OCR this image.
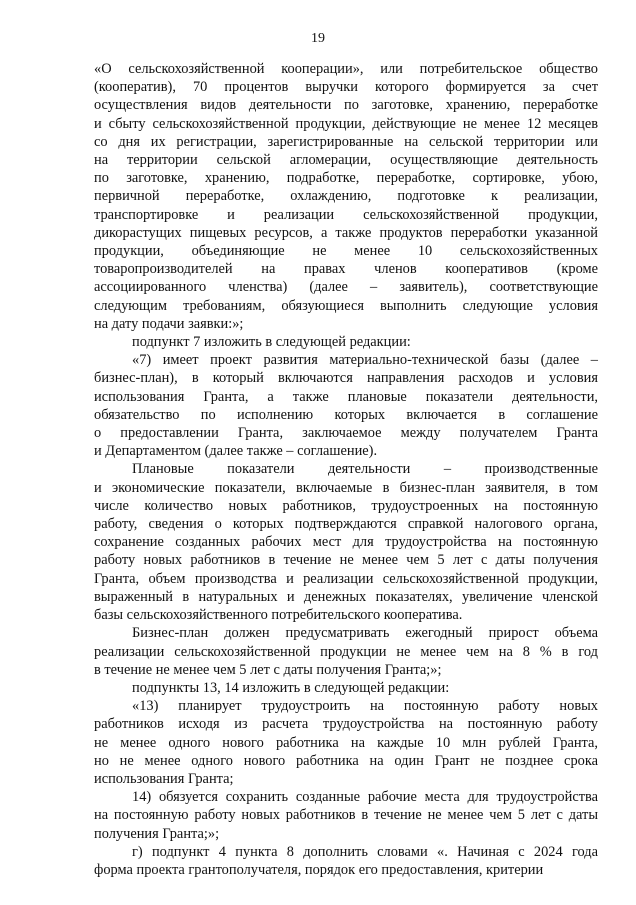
19

«О сельскохозяйственной кооперации», или потребительское общество
(кооператив), 70 процентов выручки которого формируется за счет
осуществления видов деятельности по заготовке, хранению, переработке
и сбыту сельскохозяйственной продукции, действующие не менее 12 месяцев
со дня их регистрации, зарегистрированные на сельской территории или
на территории сельской агломерации, осуществляющие деятельность
по заготовке, хранению, подработке, переработке, сортировке, убою,
первичной переработке, охлаждению, подготовке к реализации,
транспортировке и реализации сельскохозяйственной продукции,
дикорастущих пищевых ресурсов, а также продуктов переработки указанной
продукции, объединяющие не менее 10 сельскохозяйственных
товаропроизводителей на правах членов кооперативов (кроме
ассоциированного членства) (далее – заявитель), соответствующие
следующим требованиям, обязующиеся выполнить следующие условия
на дату подачи заявки:»;

подпункт 7 изложить в следующей редакции:

«7) имеет проект развития материально-технической базы (далее –
бизнес-план), в который включаются направления расходов и условия
использования Гранта, а также плановые показатели деятельности,
обязательство по исполнению которых включается в соглашение
о предоставлении Гранта, заключаемое между получателем Гранта
и Департаментом (далее также – соглашение).

Плановые показатели деятельности – производственные
и экономические показатели, включаемые в бизнес-план заявителя, в том
числе количество новых работников, трудоустроенных на постоянную
работу, сведения о которых подтверждаются справкой налогового органа,
сохранение созданных рабочих мест для трудоустройства на постоянную
работу новых работников в течение не менее чем 5 лет с даты получения
Гранта, объем производства и реализации сельскохозяйственной продукции,
выраженный в натуральных и денежных показателях, увеличение членской
базы сельскохозяйственного потребительского кооператива.

Бизнес-план должен предусматривать ежегодный прирост объема
реализации сельскохозяйственной продукции не менее чем на 8 % в год
в течение не менее чем 5 лет с даты получения Гранта;»;

подпункты 13, 14 изложить в следующей редакции:

«13) планирует трудоустроить на постоянную работу новых
работников исходя из расчета трудоустройства на постоянную работу
не менее одного нового работника на каждые 10 млн рублей Гранта,
но не менее одного нового работника на один Грант не позднее срока
использования Гранта;

14) обязуется сохранить созданные рабочие места для трудоустройства
на постоянную работу новых работников в течение не менее чем 5 лет с даты
получения Гранта;»;

г) подпункт 4 пункта 8 дополнить словами «. Начиная с 2024 года
форма проекта грантополучателя, порядок его предоставления, критерии
